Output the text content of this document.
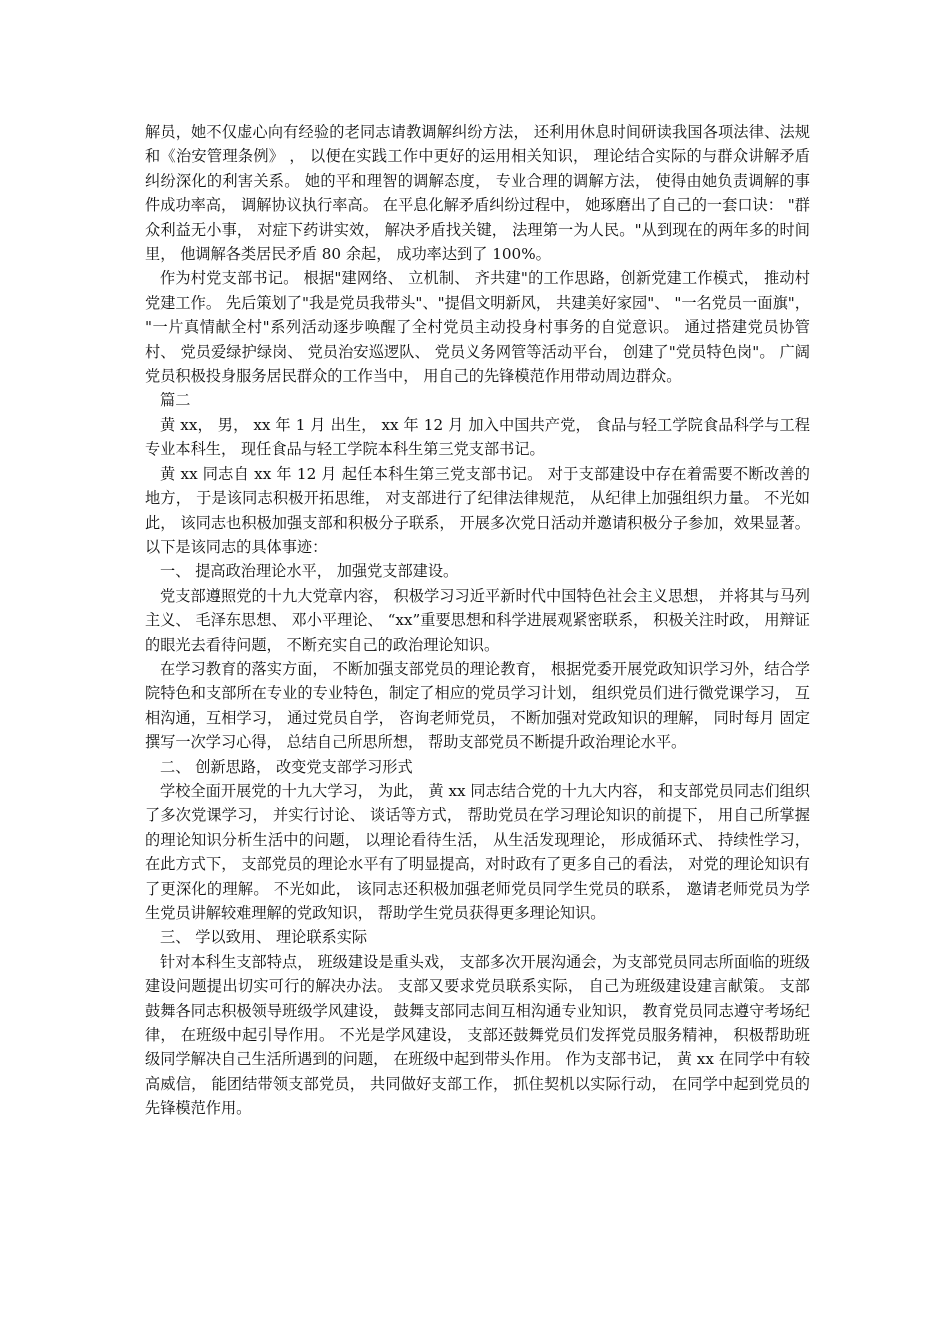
解员，她不仅虚心向有经验的老同志请教调解纠纷方法， 还利用休息时间研读我国各项法律、法规和《治安管理条例》 ， 以便在实践工作中更好的运用相关知识， 理论结合实际的与群众讲解矛盾纠纷深化的利害关系。 她的平和理智的调解态度， 专业合理的调解方法， 使得由她负责调解的事件成功率高， 调解协议执行率高。 在平息化解矛盾纠纷过程中， 她琢磨出了自己的一套口诀： "群众利益无小事， 对症下药讲实效， 解决矛盾找关键， 法理第一为人民。"从到现在的两年多的时间里， 他调解各类居民矛盾 80 余起， 成功率达到了 100%。

作为村党支部书记。 根据"建网络、 立机制、 齐共建"的工作思路，创新党建工作模式， 推动村党建工作。 先后策划了"我是党员我带头"、"提倡文明新风， 共建美好家园"、 "一名党员一面旗"， "一片真情献全村"系列活动逐步唤醒了全村党员主动投身村事务的自觉意识。 通过搭建党员协管村、 党员爱绿护绿岗、 党员治安巡逻队、 党员义务网管等活动平台， 创建了"党员特色岗"。 广阔党员积极投身服务居民群众的工作当中， 用自己的先锋模范作用带动周边群众。

篇二

黄 xx， 男， xx 年 1 月 出生， xx 年 12 月 加入中国共产党， 食品与轻工学院食品科学与工程专业本科生， 现任食品与轻工学院本科生第三党支部书记。

黄 xx 同志自 xx 年 12 月 起任本科生第三党支部书记。 对于支部建设中存在着需要不断改善的地方， 于是该同志积极开拓思维， 对支部进行了纪律法律规范， 从纪律上加强组织力量。 不光如此， 该同志也积极加强支部和积极分子联系， 开展多次党日活动并邀请积极分子参加，效果显著。 以下是该同志的具体事迹：

一、 提高政治理论水平， 加强党支部建设。

党支部遵照党的十九大党章内容， 积极学习习近平新时代中国特色社会主义思想， 并将其与马列主义、 毛泽东思想、 邓小平理论、 “xx”重要思想和科学进展观紧密联系， 积极关注时政， 用辩证的眼光去看待问题， 不断充实自己的政治理论知识。

在学习教育的落实方面， 不断加强支部党员的理论教育， 根据党委开展党政知识学习外，结合学院特色和支部所在专业的专业特色，制定了相应的党员学习计划， 组织党员们进行微党课学习， 互相沟通，互相学习， 通过党员自学， 咨询老师党员， 不断加强对党政知识的理解， 同时每月 固定撰写一次学习心得， 总结自己所思所想， 帮助支部党员不断提升政治理论水平。

二、 创新思路， 改变党支部学习形式

学校全面开展党的十九大学习， 为此， 黄 xx 同志结合党的十九大内容， 和支部党员同志们组织了多次党课学习， 并实行讨论、 谈话等方式， 帮助党员在学习理论知识的前提下， 用自己所掌握的理论知识分析生活中的问题， 以理论看待生活， 从生活发现理论， 形成循环式、 持续性学习， 在此方式下， 支部党员的理论水平有了明显提高，对时政有了更多自己的看法， 对党的理论知识有了更深化的理解。 不光如此， 该同志还积极加强老师党员同学生党员的联系， 邀请老师党员为学生党员讲解较难理解的党政知识， 帮助学生党员获得更多理论知识。

三、 学以致用、 理论联系实际

针对本科生支部特点， 班级建设是重头戏， 支部多次开展沟通会，为支部党员同志所面临的班级建设问题提出切实可行的解决办法。 支部又要求党员联系实际， 自己为班级建设建言献策。 支部鼓舞各同志积极领导班级学风建设， 鼓舞支部同志间互相沟通专业知识， 教育党员同志遵守考场纪律， 在班级中起引导作用。 不光是学风建设， 支部还鼓舞党员们发挥党员服务精神， 积极帮助班级同学解决自己生活所遇到的问题， 在班级中起到带头作用。 作为支部书记， 黄 xx 在同学中有较高威信， 能团结带领支部党员， 共同做好支部工作， 抓住契机以实际行动， 在同学中起到党员的先锋模范作用。
